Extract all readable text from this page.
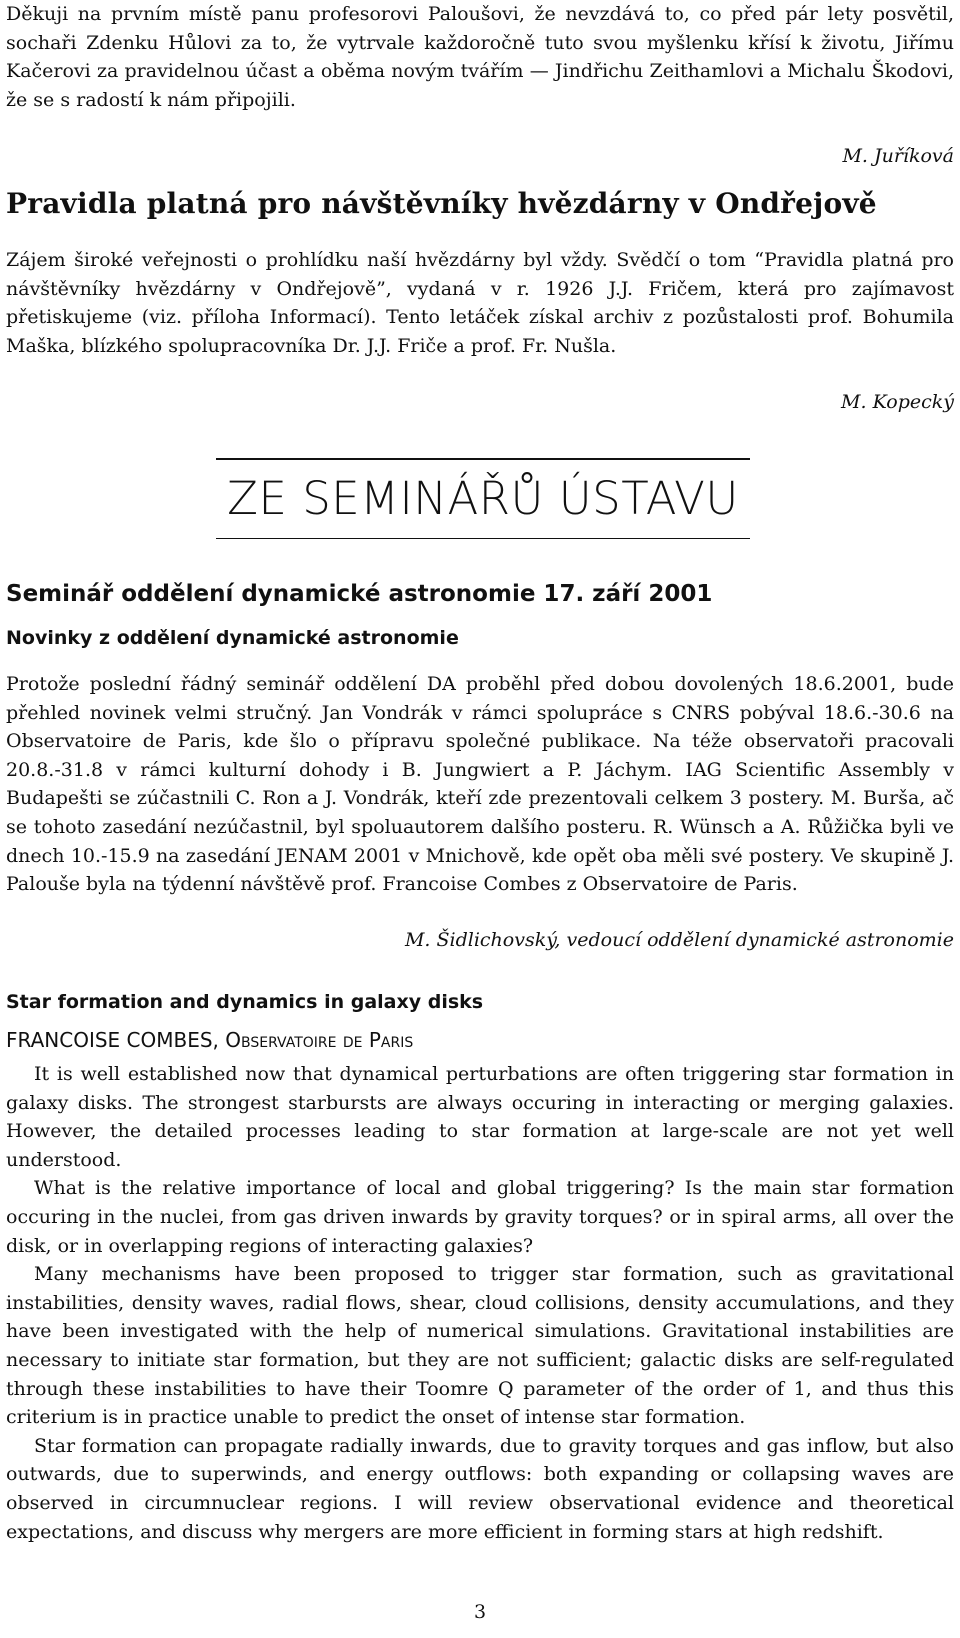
Děkuji na prvním místě panu profesorovi Paloušovi, že nevzdává to, co před pár lety posvětil, sochaři Zdenku Hůlovi za to, že vytrvale každoročně tuto svou myšlenku křísí k životu, Jiřímu Kačerovi za pravidelnou účast a oběma novým tvářím — Jindřichu Zeithamlovi a Michalu Škodovi, že se s radostí k nám připojili.

M. Juříková
Pravidla platná pro návštěvníky hvězdárny v Ondřejově

Zájem široké veřejnosti o prohlídku naší hvězdárny byl vždy. Svědčí o tom “Pravidla platná pro návštěvníky hvězdárny v Ondřejově”, vydaná v r. 1926 J.J. Fričem, která pro zajímavost přetiskujeme (viz. příloha Informací). Tento letáček získal archiv z pozůstalosti prof. Bohumila Maška, blízkého spolupracovníka Dr. J.J. Friče a prof. Fr. Nušla.

M. Kopecký
ZE SEMINÁŘŮ ÚSTAVU
Seminář oddělení dynamické astronomie 17. září 2001
Novinky z oddělení dynamické astronomie

Protože poslední řádný seminář oddělení DA proběhl před dobou dovolených 18.6.2001, bude přehled novinek velmi stručný. Jan Vondrák v rámci spolupráce s CNRS pobýval 18.6.-30.6 na Observatoire de Paris, kde šlo o přípravu společné publikace. Na téže observatoři pracovali 20.8.-31.8 v rámci kulturní dohody i B. Jungwiert a P. Jáchym. IAG Scientific Assembly v Budapešti se zúčastnili C. Ron a J. Vondrák, kteří zde prezentovali celkem 3 postery. M. Burša, ač se tohoto zasedání nezúčastnil, byl spoluautorem dalšího posteru. R. Wünsch a A. Růžička byli ve dnech 10.-15.9 na zasedání JENAM 2001 v Mnichově, kde opět oba měli své postery. Ve skupině J. Palouše byla na týdenní návštěvě prof. Francoise Combes z Observatoire de Paris.

M. Šidlichovský, vedoucí oddělení dynamické astronomie
Star formation and dynamics in galaxy disks
FRANCOISE COMBES, Observatoire de Paris

It is well established now that dynamical perturbations are often triggering star formation in galaxy disks. The strongest starbursts are always occuring in interacting or merging galaxies. However, the detailed processes leading to star formation at large-scale are not yet well understood.

What is the relative importance of local and global triggering? Is the main star formation occuring in the nuclei, from gas driven inwards by gravity torques? or in spiral arms, all over the disk, or in overlapping regions of interacting galaxies?

Many mechanisms have been proposed to trigger star formation, such as gravitational instabilities, density waves, radial flows, shear, cloud collisions, density accumulations, and they have been investigated with the help of numerical simulations. Gravitational instabilities are necessary to initiate star formation, but they are not sufficient; galactic disks are self-regulated through these instabilities to have their Toomre Q parameter of the order of 1, and thus this criterium is in practice unable to predict the onset of intense star formation.

Star formation can propagate radially inwards, due to gravity torques and gas inflow, but also outwards, due to superwinds, and energy outflows: both expanding or collapsing waves are observed in circumnuclear regions. I will review observational evidence and theoretical expectations, and discuss why mergers are more efficient in forming stars at high redshift.

3
